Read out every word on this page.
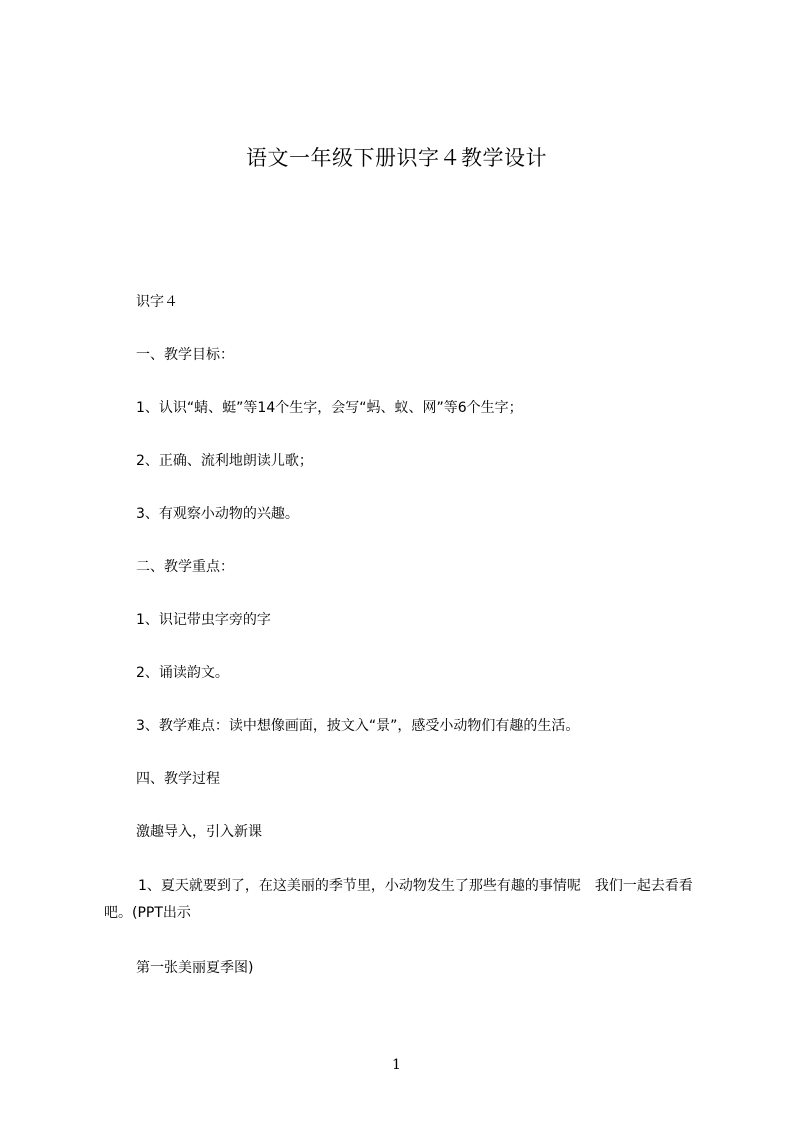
语文一年级下册识字４教学设计
识字４
一、教学目标：
1、认识“蜻、蜓”等14个生字，会写“蚂、蚁、网”等6个生字；
2、正确、流利地朗读儿歌；
3、有观察小动物的兴趣。
二、教学重点：
1、识记带虫字旁的字
2、诵读韵文。
3、教学难点：读中想像画面，披文入“景”，感受小动物们有趣的生活。
四、教学过程
激趣导入，引入新课
1、夏天就要到了，在这美丽的季节里，小动物发生了那些有趣的事情呢　我们一起去看看吧。(PPT出示
第一张美丽夏季图)
1
